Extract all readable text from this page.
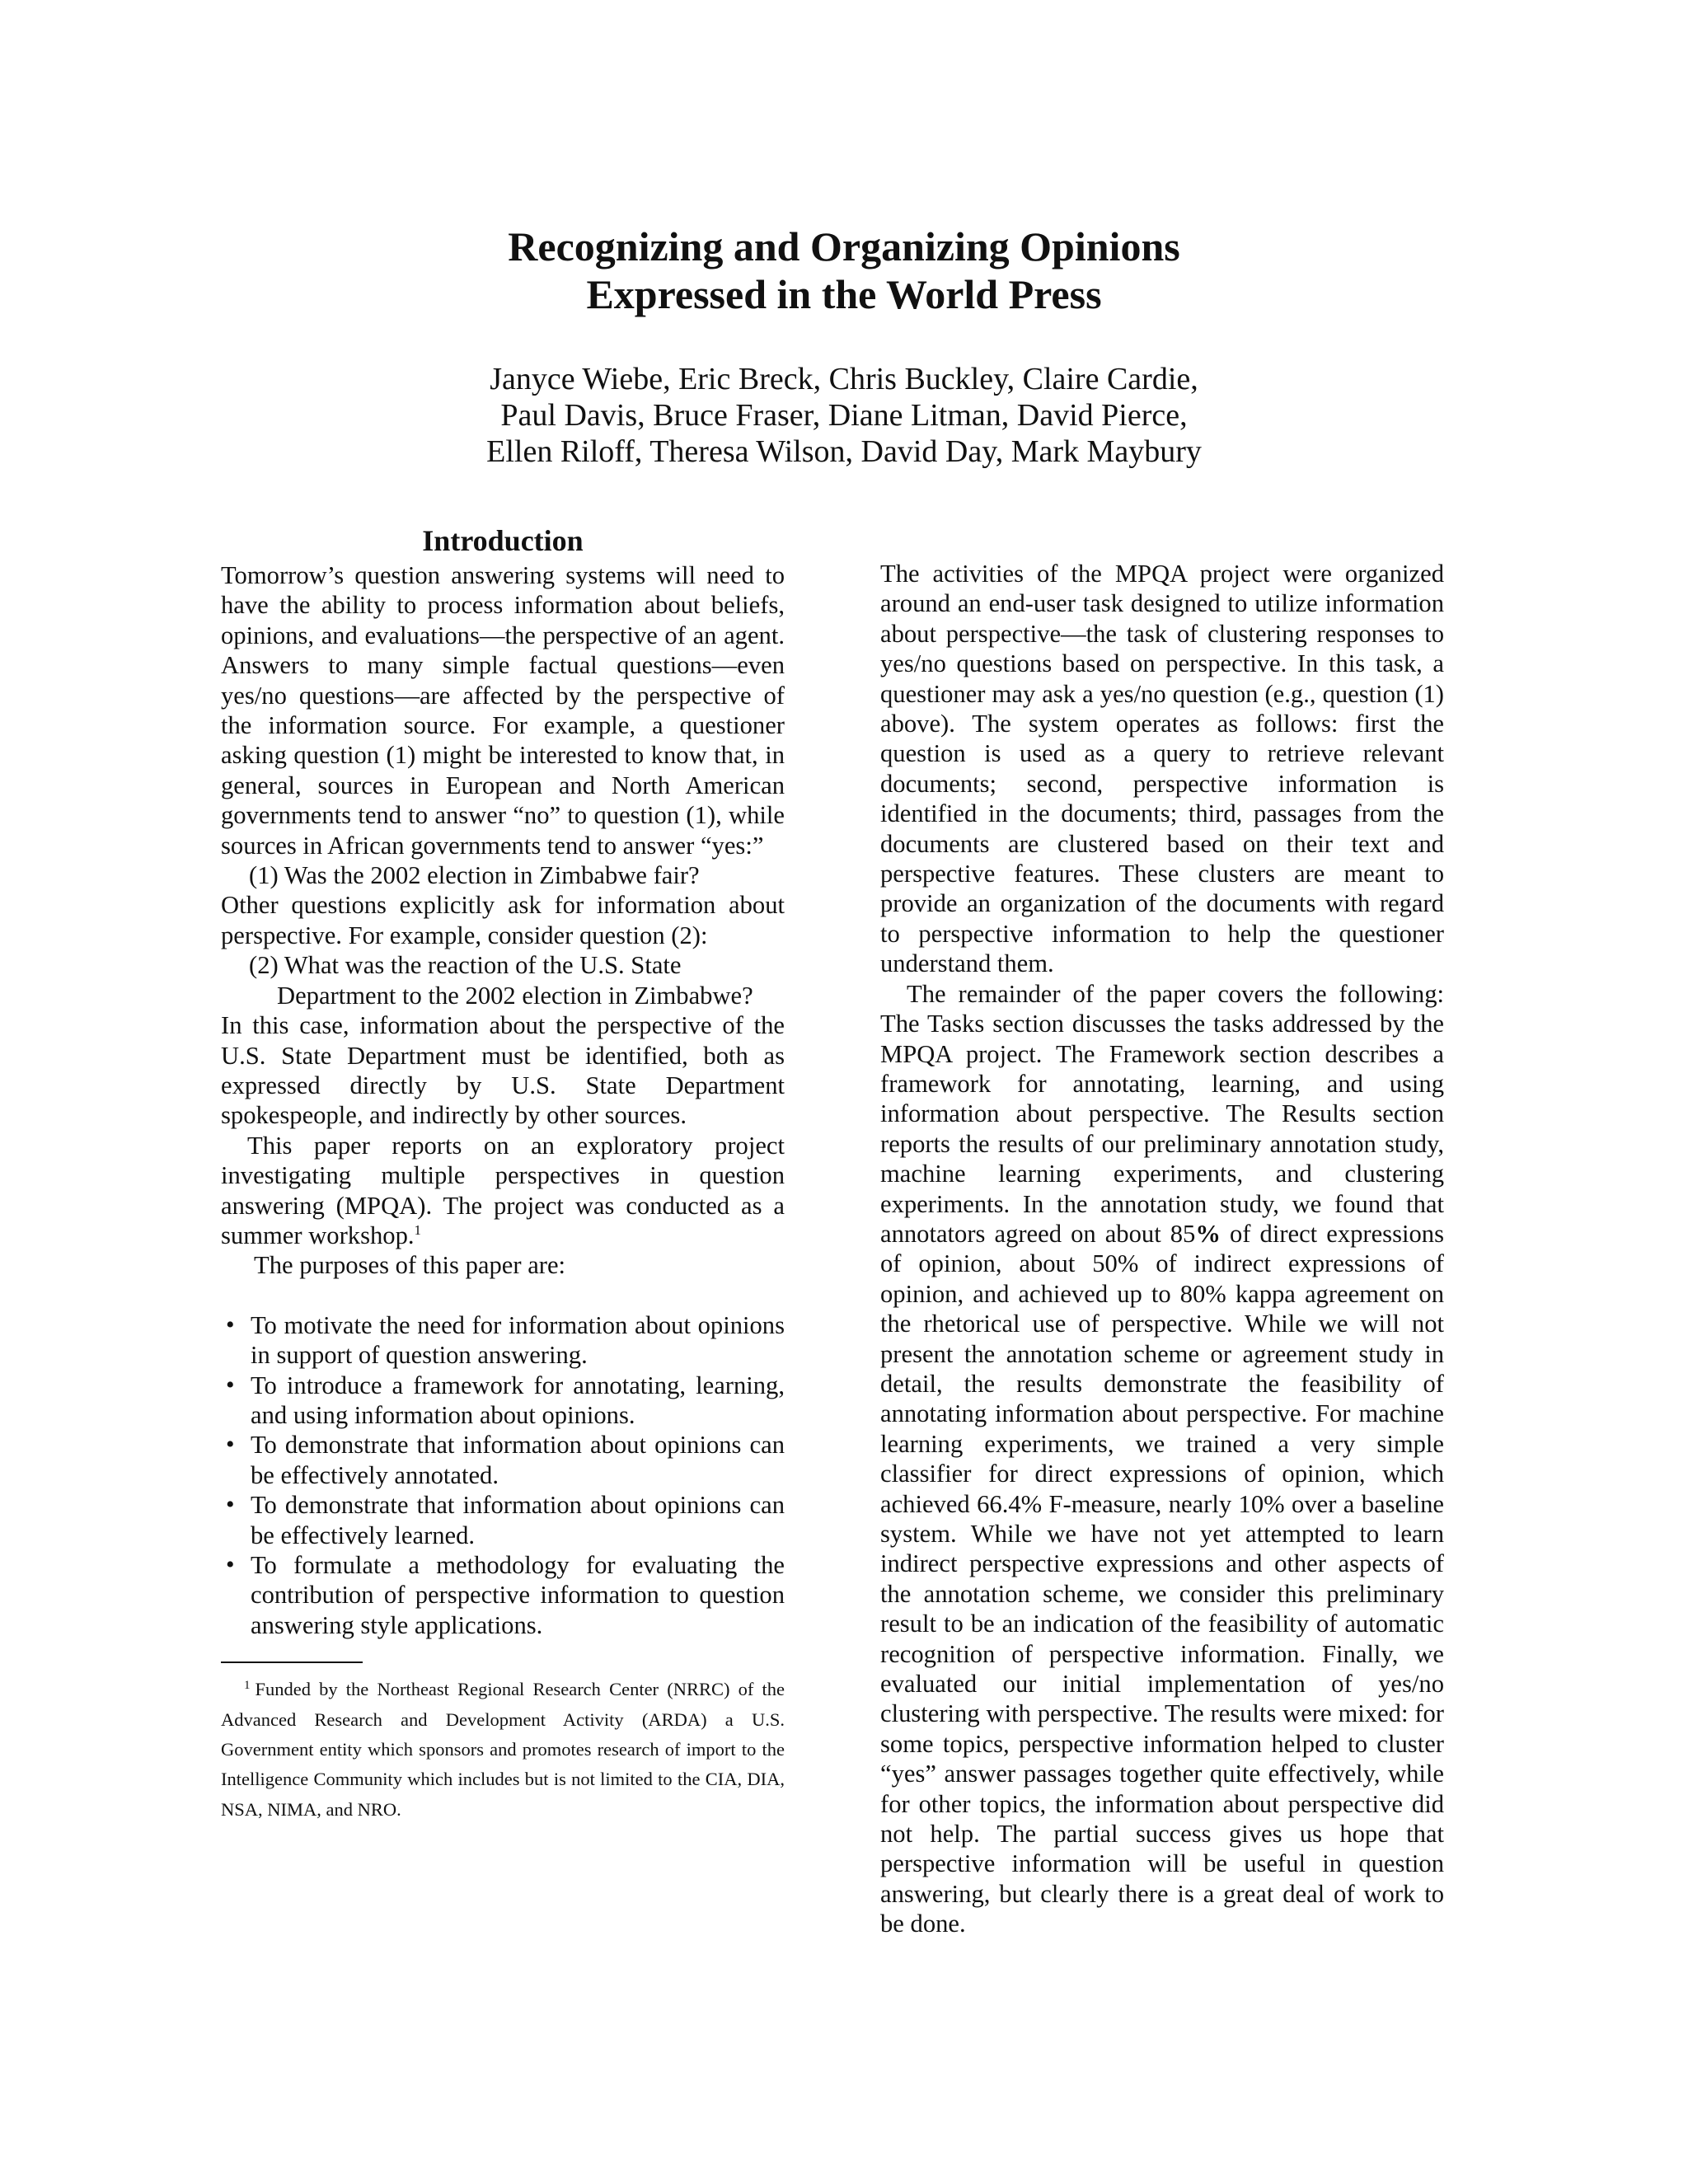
Recognizing and Organizing Opinions
Expressed in the World Press
Janyce Wiebe, Eric Breck, Chris Buckley, Claire Cardie,
Paul Davis, Bruce Fraser, Diane Litman, David Pierce,
Ellen Riloff, Theresa Wilson, David Day, Mark Maybury
Introduction

Tomorrow’s question answering systems will need to have the ability to process information about beliefs, opinions, and evaluations—the perspective of an agent. Answers to many simple factual questions—even yes/no questions—are affected by the perspective of the information source. For example, a questioner asking question (1) might be interested to know that, in general, sources in European and North American governments tend to answer “no” to question (1), while sources in African governments tend to answer “yes:”

(1) Was the 2002 election in Zimbabwe fair?

Other questions explicitly ask for information about perspective. For example, consider question (2):

(2) What was the reaction of the U.S. State
Department to the 2002 election in Zimbabwe?

In this case, information about the perspective of the U.S. State Department must be identified, both as expressed directly by U.S. State Department spokespeople, and indirectly by other sources.

This paper reports on an exploratory project investigating multiple perspectives in question answering (MPQA). The project was conducted as a summer workshop.$^1$

The purposes of this paper are:

• To motivate the need for information about opinions in support of question answering.
• To introduce a framework for annotating, learning, and using information about opinions.
• To demonstrate that information about opinions can be effectively annotated.
• To demonstrate that information about opinions can be effectively learned.
• To formulate a methodology for evaluating the contribution of perspective information to question answering style applications.

$^1$ Funded by the Northeast Regional Research Center (NRRC) of the Advanced Research and Development Activity (ARDA) a U.S. Government entity which sponsors and promotes research of import to the Intelligence Community which includes but is not limited to the CIA, DIA, NSA, NIMA, and NRO.

The activities of the MPQA project were organized around an end-user task designed to utilize information about perspective—the task of clustering responses to yes/no questions based on perspective. In this task, a questioner may ask a yes/no question (e.g., question (1) above). The system operates as follows: first the question is used as a query to retrieve relevant documents; second, perspective information is identified in the documents; third, passages from the documents are clustered based on their text and perspective features. These clusters are meant to provide an organization of the documents with regard to perspective information to help the questioner understand them.

The remainder of the paper covers the following: The Tasks section discusses the tasks addressed by the MPQA project. The Framework section describes a framework for annotating, learning, and using information about perspective. The Results section reports the results of our preliminary annotation study, machine learning experiments, and clustering experiments. In the annotation study, we found that annotators agreed on about 85% of direct expressions of opinion, about 50% of indirect expressions of opinion, and achieved up to 80% kappa agreement on the rhetorical use of perspective. While we will not present the annotation scheme or agreement study in detail, the results demonstrate the feasibility of annotating information about perspective. For machine learning experiments, we trained a very simple classifier for direct expressions of opinion, which achieved 66.4% F-measure, nearly 10% over a baseline system. While we have not yet attempted to learn indirect perspective expressions and other aspects of the annotation scheme, we consider this preliminary result to be an indication of the feasibility of automatic recognition of perspective information. Finally, we evaluated our initial implementation of yes/no clustering with perspective. The results were mixed: for some topics, perspective information helped to cluster “yes” answer passages together quite effectively, while for other topics, the information about perspective did not help. The partial success gives us hope that perspective information will be useful in question answering, but clearly there is a great deal of work to be done.
